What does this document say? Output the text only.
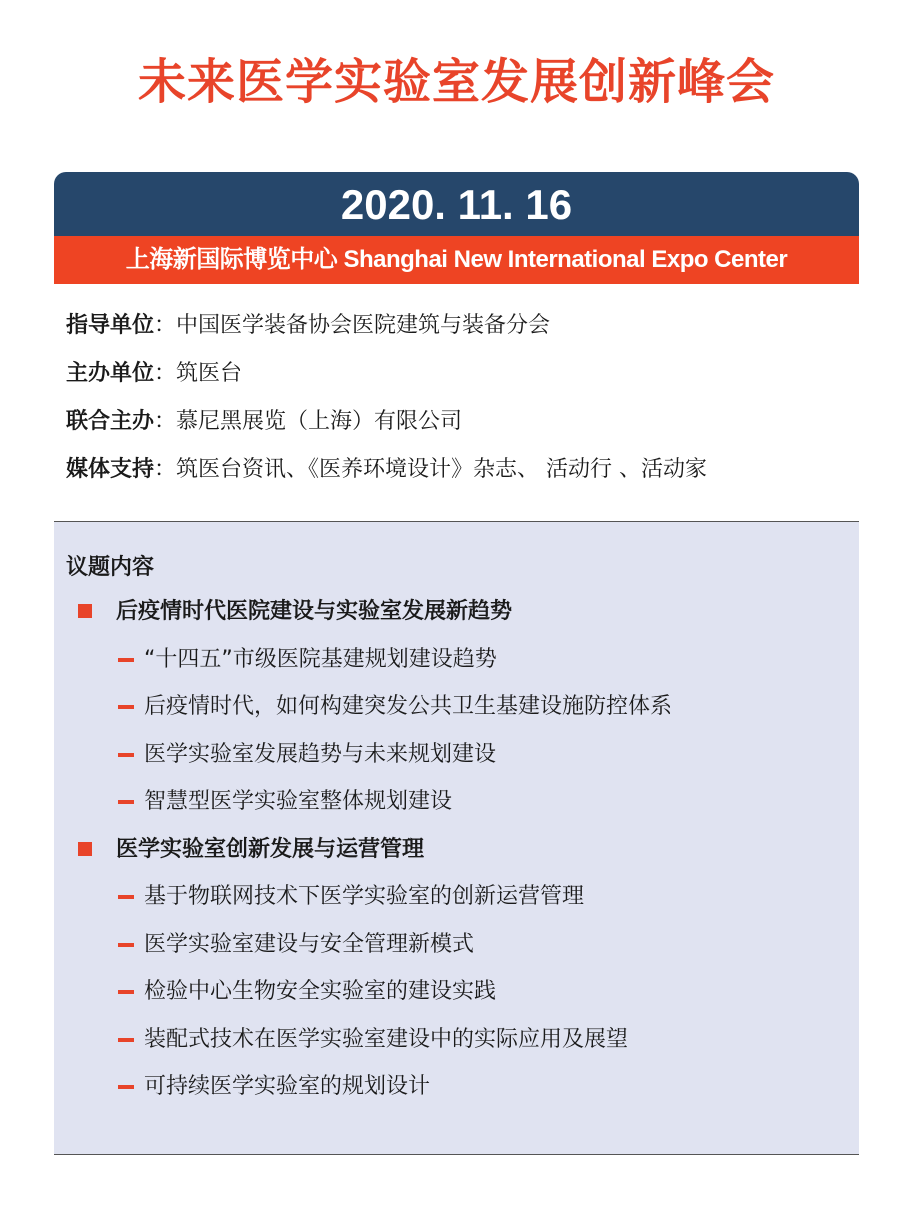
未来医学实验室发展创新峰会
2020. 11. 16
上海新国际博览中心 Shanghai New International Expo Center
指导单位：中国医学装备协会医院建筑与装备分会
主办单位：筑医台
联合主办：慕尼黑展览（上海）有限公司
媒体支持：筑医台资讯、《医养环境设计》杂志、 活动行 、活动家
议题内容
后疫情时代医院建设与实验室发展新趋势
“十四五”市级医院基建规划建设趋势
后疫情时代，如何构建突发公共卫生基建设施防控体系
医学实验室发展趋势与未来规划建设
智慧型医学实验室整体规划建设
医学实验室创新发展与运营管理
基于物联网技术下医学实验室的创新运营管理
医学实验室建设与安全管理新模式
检验中心生物安全实验室的建设实践
装配式技术在医学实验室建设中的实际应用及展望
可持续医学实验室的规划设计
